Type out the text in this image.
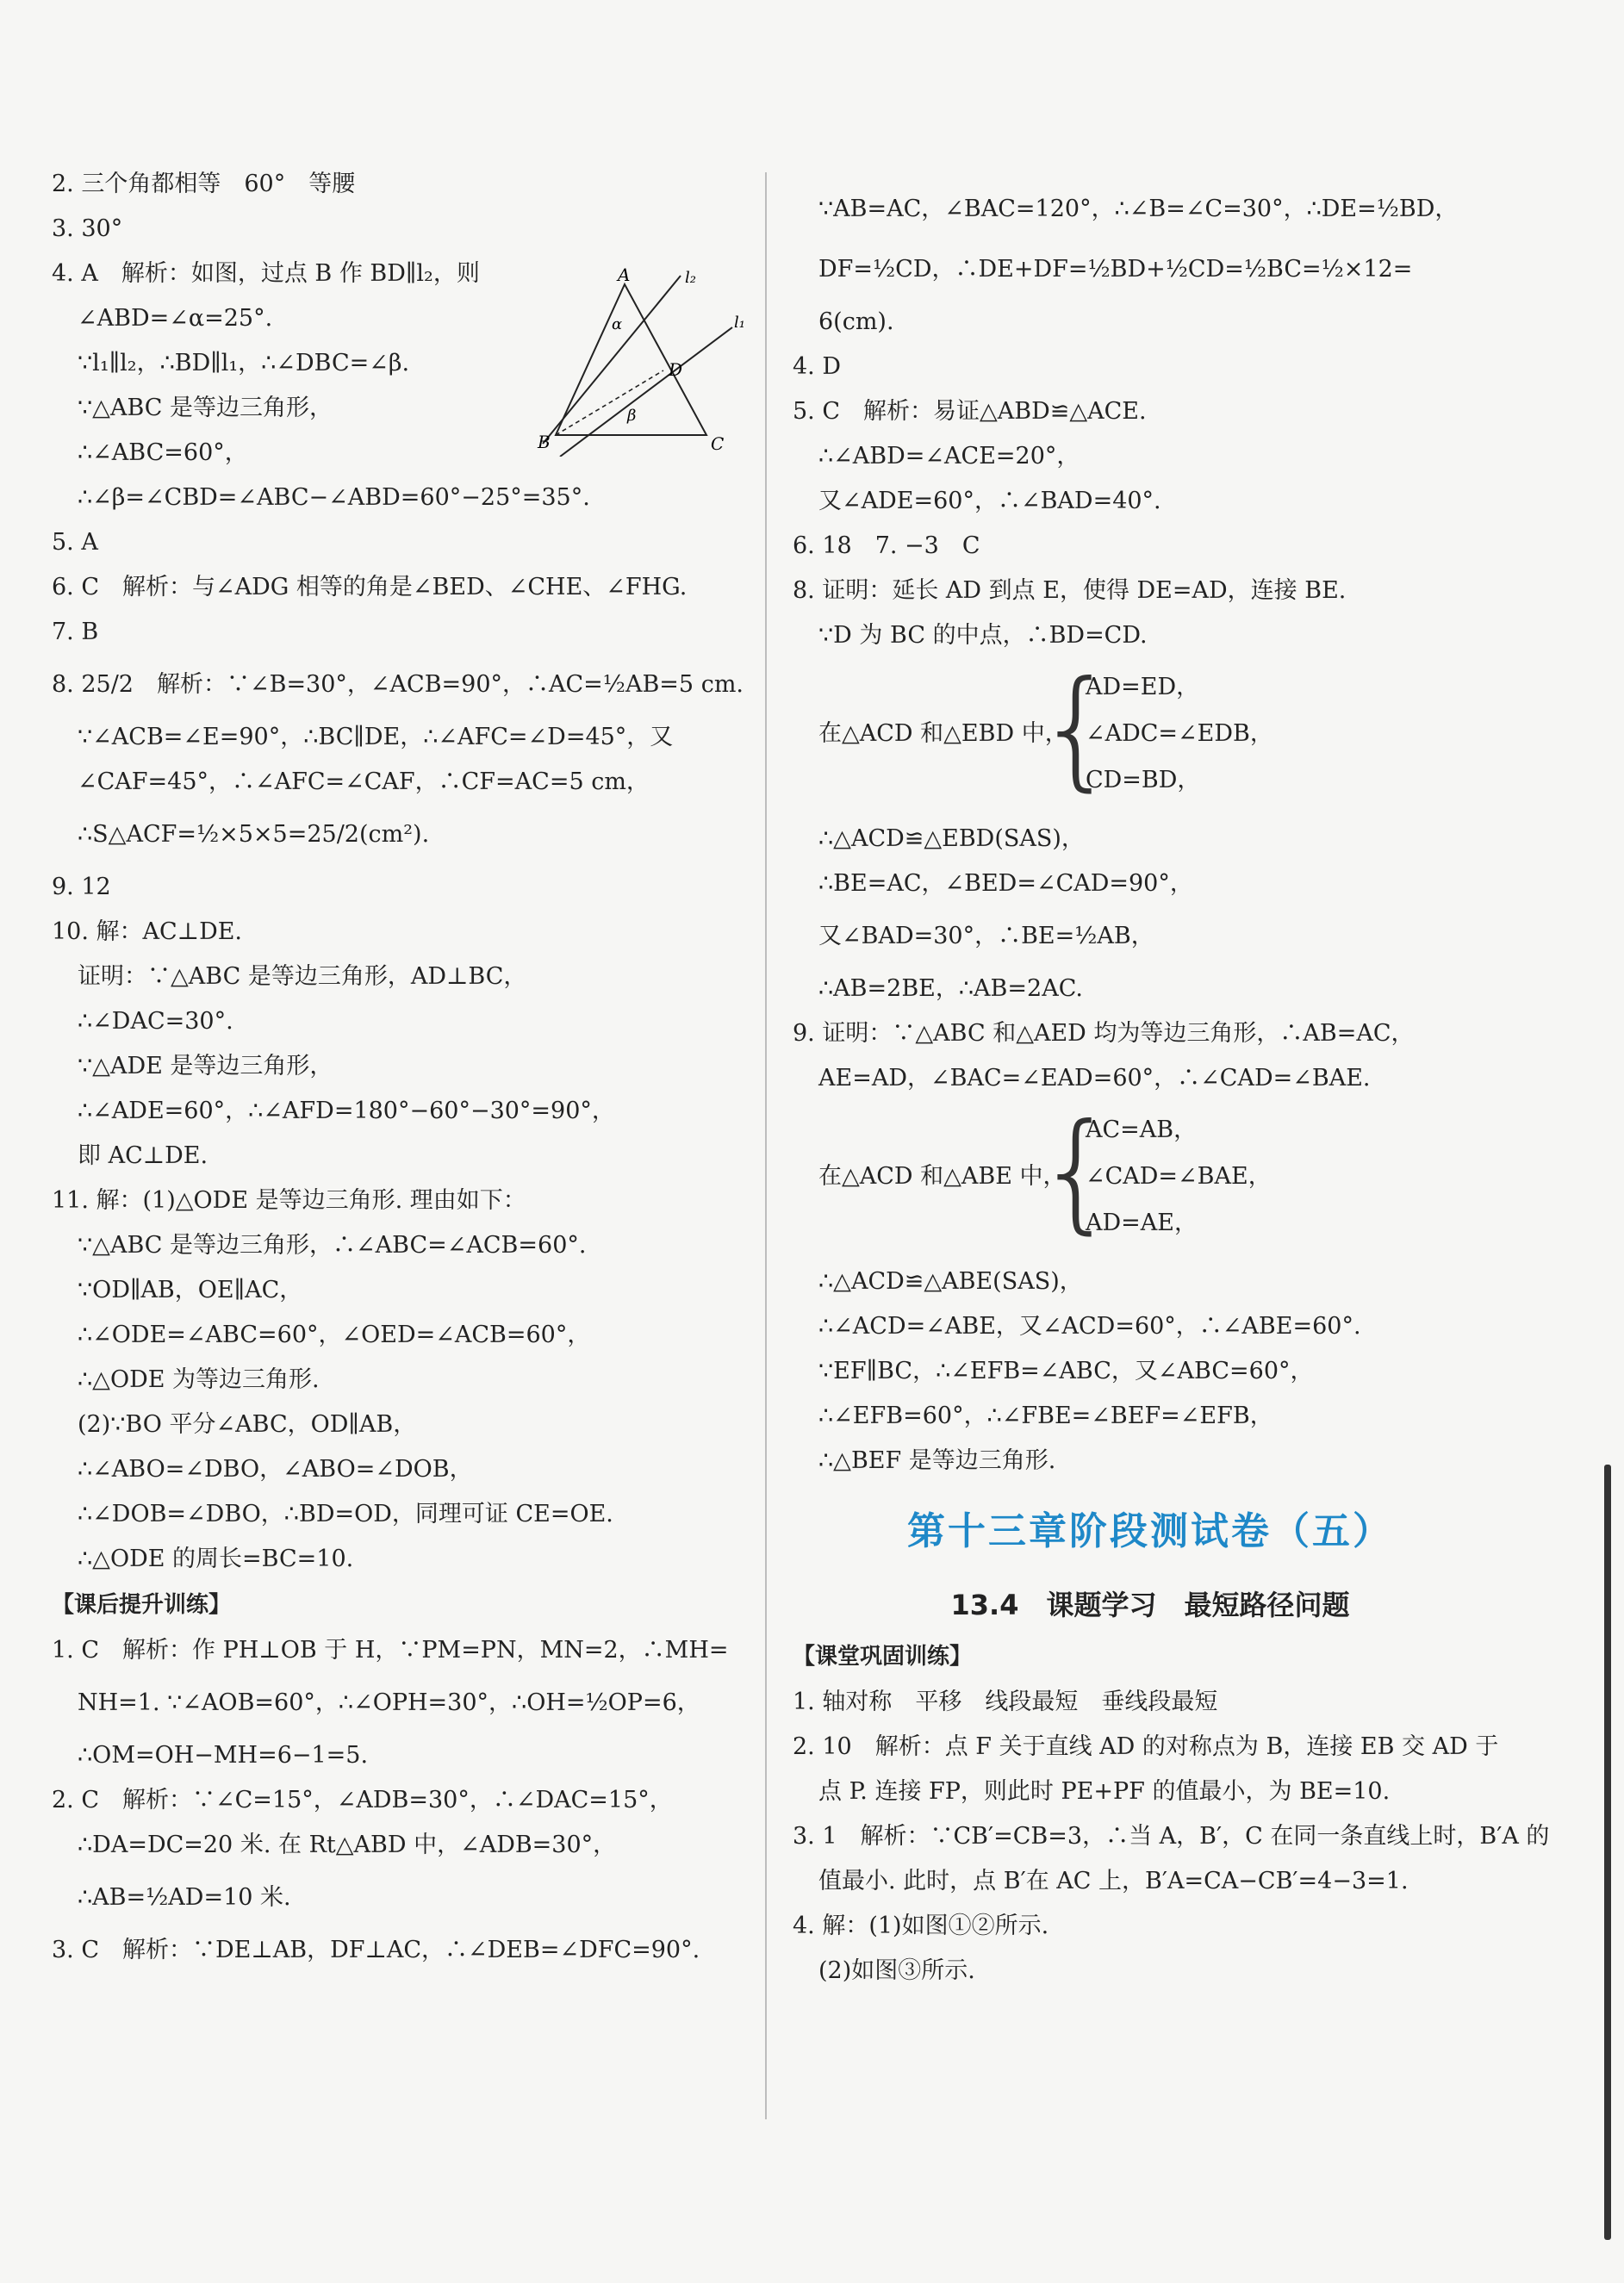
2. 三个角都相等　60°　等腰
3. 30°
4. A　解析：如图，过点 B 作 BD∥l₂，则
∠ABD=∠α=25°.
∵l₁∥l₂，∴BD∥l₁，∴∠DBC=∠β.
∵△ABC 是等边三角形，
∴∠ABC=60°，
∴∠β=∠CBD=∠ABC−∠ABD=60°−25°=35°.
5. A
6. C　解析：与∠ADG 相等的角是∠BED、∠CHE、∠FHG.
7. B
8. 25/2　解析：∵∠B=30°，∠ACB=90°，∴AC=½AB=5 cm.
∵∠ACB=∠E=90°，∴BC∥DE，∴∠AFC=∠D=45°，又
∠CAF=45°，∴∠AFC=∠CAF，∴CF=AC=5 cm，
∴S△ACF=½×5×5=25/2(cm²).
9. 12
10. 解：AC⊥DE.
证明：∵△ABC 是等边三角形，AD⊥BC，
∴∠DAC=30°.
∵△ADE 是等边三角形，
∴∠ADE=60°，∴∠AFD=180°−60°−30°=90°，
即 AC⊥DE.
11. 解：(1)△ODE 是等边三角形. 理由如下：
∵△ABC 是等边三角形，∴∠ABC=∠ACB=60°.
∵OD∥AB，OE∥AC，
∴∠ODE=∠ABC=60°，∠OED=∠ACB=60°，
∴△ODE 为等边三角形.
(2)∵BO 平分∠ABC，OD∥AB，
∴∠ABO=∠DBO，∠ABO=∠DOB，
∴∠DOB=∠DBO，∴BD=OD，同理可证 CE=OE.
∴△ODE 的周长=BC=10.
【课后提升训练】
1. C　解析：作 PH⊥OB 于 H，∵PM=PN，MN=2，∴MH=
NH=1. ∵∠AOB=60°，∴∠OPH=30°，∴OH=½OP=6，
∴OM=OH−MH=6−1=5.
2. C　解析：∵∠C=15°，∠ADB=30°，∴∠DAC=15°，
∴DA=DC=20 米. 在 Rt△ABD 中，∠ADB=30°，
∴AB=½AD=10 米.
3. C　解析：∵DE⊥AB，DF⊥AC，∴∠DEB=∠DFC=90°.
A
B	C
D
α
β
l₂
l₁
∵AB=AC，∠BAC=120°，∴∠B=∠C=30°，∴DE=½BD，
DF=½CD，∴DE+DF=½BD+½CD=½BC=½×12=
6(cm).
4. D
5. C　解析：易证△ABD≌△ACE.
∴∠ABD=∠ACE=20°，
又∠ADE=60°，∴∠BAD=40°.
6. 18　7. −3　C
8. 证明：延长 AD 到点 E，使得 DE=AD，连接 BE.
∵D 为 BC 的中点，∴BD=CD.
在△ACD 和△EBD 中，
{
AD=ED，
∠ADC=∠EDB，
CD=BD，
∴△ACD≌△EBD(SAS)，
∴BE=AC，∠BED=∠CAD=90°，
又∠BAD=30°，∴BE=½AB，
∴AB=2BE，∴AB=2AC.
9. 证明：∵△ABC 和△AED 均为等边三角形，∴AB=AC，
AE=AD，∠BAC=∠EAD=60°，∴∠CAD=∠BAE.
在△ACD 和△ABE 中，
{
AC=AB，
∠CAD=∠BAE，
AD=AE，
∴△ACD≌△ABE(SAS)，
∴∠ACD=∠ABE，又∠ACD=60°，∴∠ABE=60°.
∵EF∥BC，∴∠EFB=∠ABC，又∠ABC=60°，
∴∠EFB=60°，∴∠FBE=∠BEF=∠EFB，
∴△BEF 是等边三角形.
第十三章阶段测试卷（五）
13.4　课题学习　最短路径问题
【课堂巩固训练】
1. 轴对称　平移　线段最短　垂线段最短
2. 10　解析：点 F 关于直线 AD 的对称点为 B，连接 EB 交 AD 于
点 P. 连接 FP，则此时 PE+PF 的值最小，为 BE=10.
3. 1　解析：∵CB′=CB=3，∴当 A，B′，C 在同一条直线上时，B′A 的
值最小. 此时，点 B′在 AC 上，B′A=CA−CB′=4−3=1.
4. 解：(1)如图①②所示.
(2)如图③所示.
